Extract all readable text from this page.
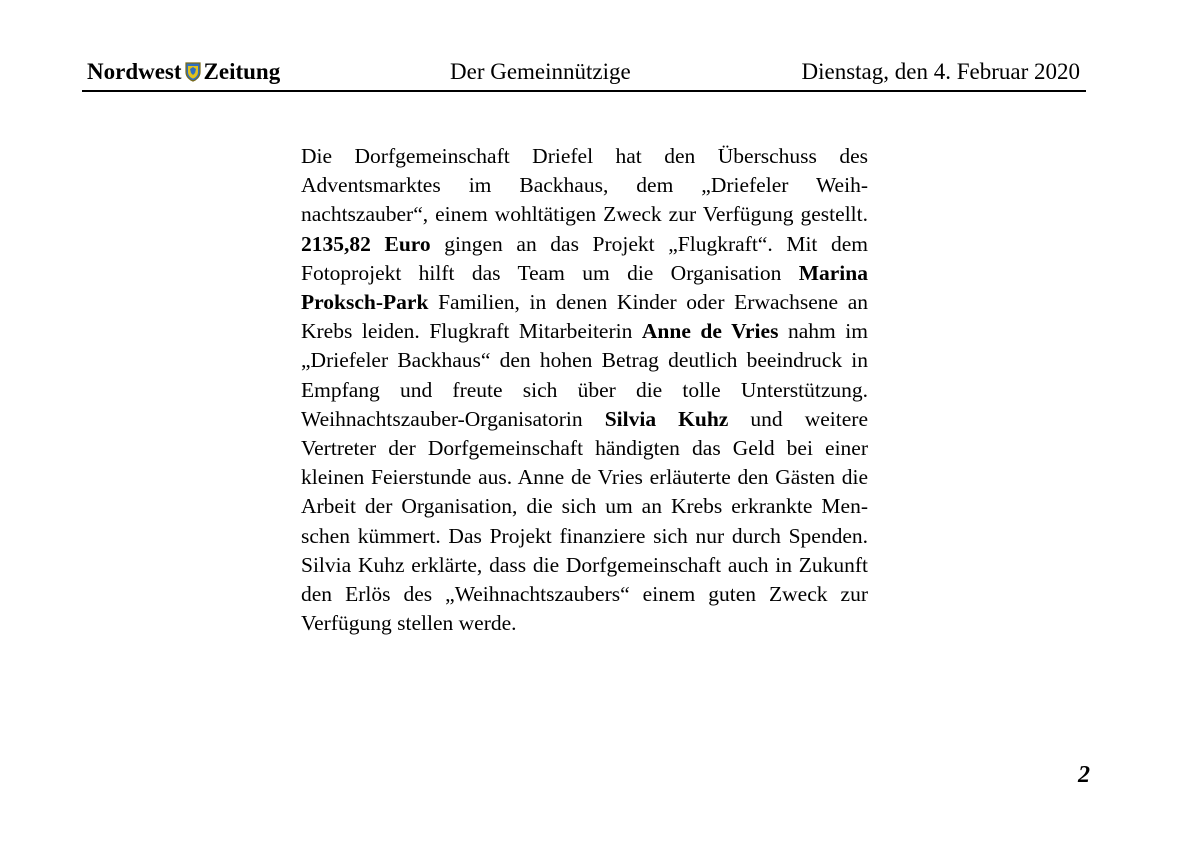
Nordwest Zeitung	Der Gemeinnützige	Dienstag, den 4. Februar 2020

Die Dorfgemeinschaft Driefel hat den Überschuss des Adventsmarktes im Backhaus, dem „Driefeler Weihnachtszauber“, einem wohltätigen Zweck zur Verfügung gestellt. 2135,82 Euro gingen an das Projekt „Flugkraft“. Mit dem Fotoprojekt hilft das Team um die Organisation Marina Proksch-Park Familien, in denen Kinder oder Erwachsene an Krebs leiden. Flugkraft Mitarbeiterin Anne de Vries nahm im „Driefeler Backhaus“ den hohen Betrag deutlich beeindruck in Empfang und freute sich über die tolle Unterstützung. Weihnachtszauber-Organisatorin Silvia Kuhz und weitere Vertreter der Dorfgemeinschaft händigten das Geld bei einer kleinen Feierstunde aus. Anne de Vries erläuterte den Gästen die Arbeit der Organisation, die sich um an Krebs erkrankte Menschen kümmert. Das Projekt finanziere sich nur durch Spenden. Silvia Kuhz erklärte, dass die Dorfgemeinschaft auch in Zukunft den Erlös des „Weihnachtszaubers“ einem guten Zweck zur Verfügung stellen werde.

2
